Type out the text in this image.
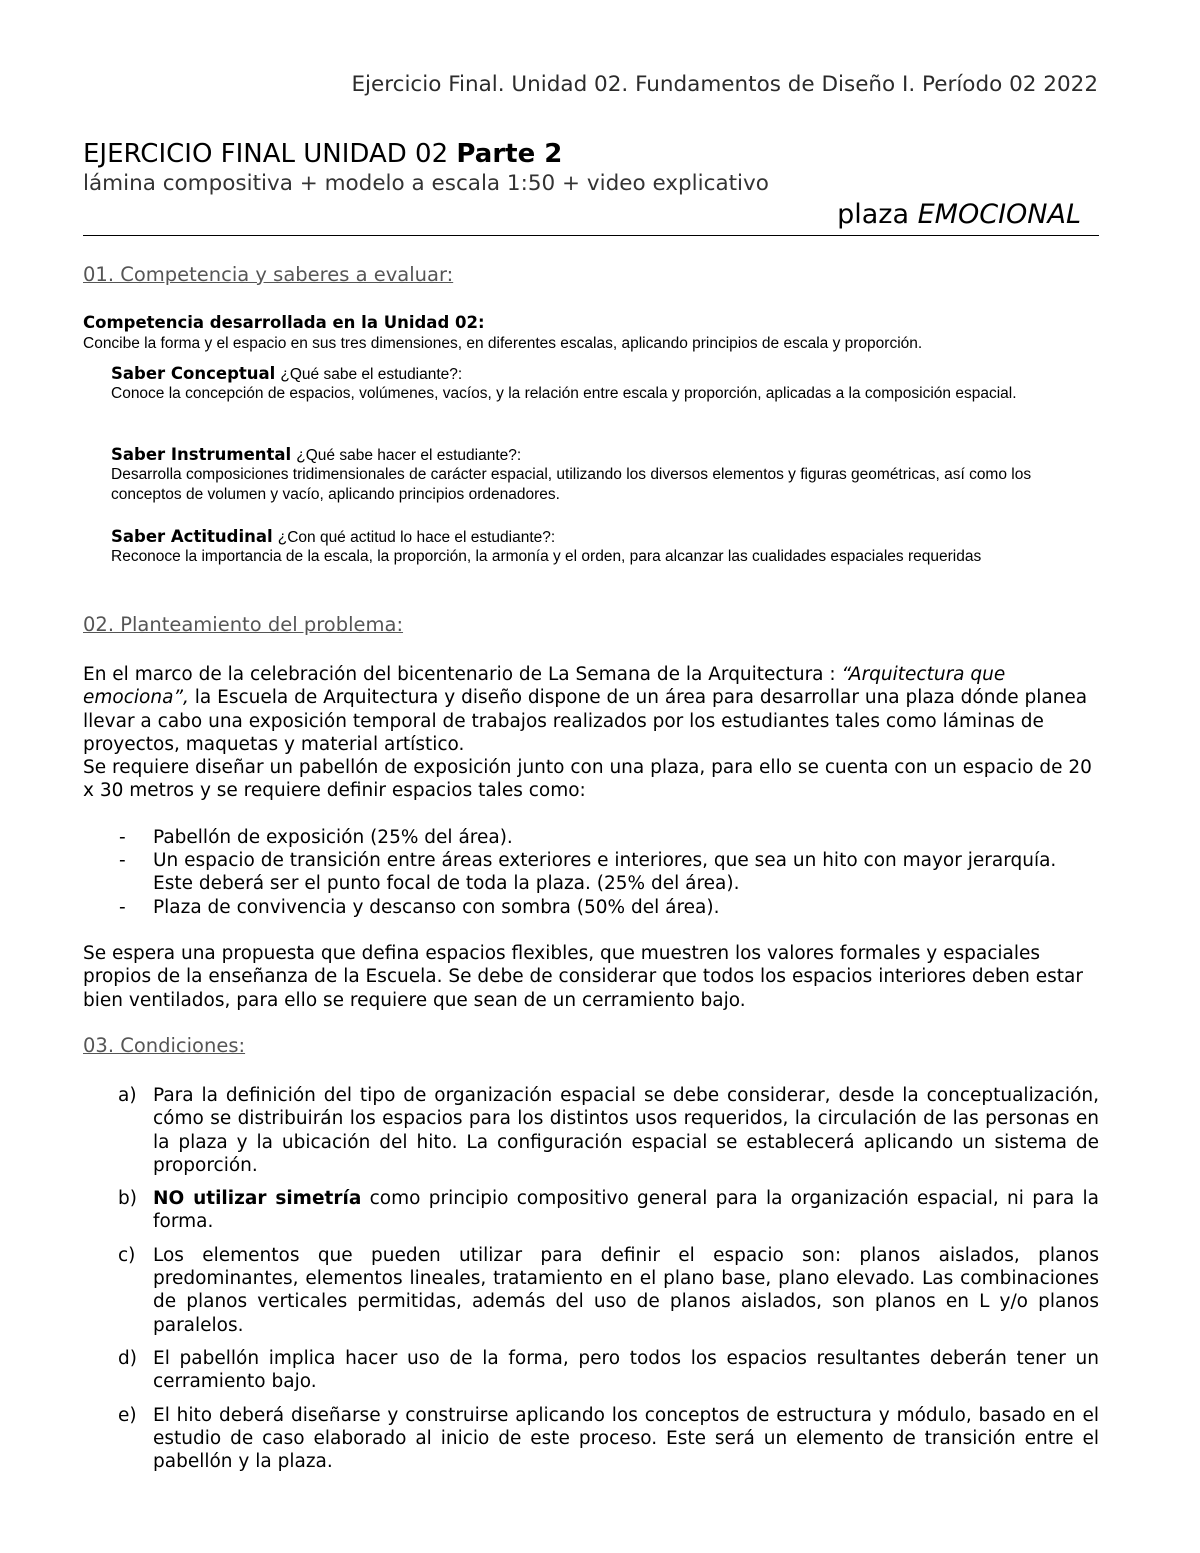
Ejercicio Final. Unidad 02. Fundamentos de Diseño I. Período 02 2022
EJERCICIO FINAL UNIDAD 02 Parte 2
lámina compositiva + modelo a escala 1:50 + video explicativo
plaza EMOCIONAL
01. Competencia y saberes a evaluar:
Competencia desarrollada en la Unidad 02:
Concibe la forma y el espacio en sus tres dimensiones, en diferentes escalas, aplicando principios de escala y proporción.
Saber Conceptual ¿Qué sabe el estudiante?:
Conoce la concepción de espacios, volúmenes, vacíos, y la relación entre escala y proporción, aplicadas a la composición espacial.
Saber Instrumental ¿Qué sabe hacer el estudiante?:
Desarrolla composiciones tridimensionales de carácter espacial, utilizando los diversos elementos y figuras geométricas, así como los conceptos de volumen y vacío, aplicando principios ordenadores.
Saber Actitudinal ¿Con qué actitud lo hace el estudiante?:
Reconoce la importancia de la escala, la proporción, la armonía y el orden, para alcanzar las cualidades espaciales requeridas
02. Planteamiento del problema:

En el marco de la celebración del bicentenario de La Semana de la Arquitectura : “Arquitectura que emociona”, la Escuela de Arquitectura y diseño dispone de un área para desarrollar una plaza dónde planea llevar a cabo una exposición temporal de trabajos realizados por los estudiantes tales como láminas de proyectos, maquetas y material artístico.

Se requiere diseñar un pabellón de exposición junto con una plaza, para ello se cuenta con un espacio de 20 x 30 metros y se requiere definir espacios tales como:

- Pabellón de exposición (25% del área).
- Un espacio de transición entre áreas exteriores e interiores, que sea un hito con mayor jerarquía. Este deberá ser el punto focal de toda la plaza. (25% del área).
- Plaza de convivencia y descanso con sombra (50% del área).

Se espera una propuesta que defina espacios flexibles, que muestren los valores formales y espaciales propios de la enseñanza de la Escuela. Se debe de considerar que todos los espacios interiores deben estar bien ventilados, para ello se requiere que sean de un cerramiento bajo.

03. Condiciones:
a) Para la definición del tipo de organización espacial se debe considerar, desde la conceptualización, cómo se distribuirán los espacios para los distintos usos requeridos, la circulación de las personas en la plaza y la ubicación del hito. La configuración espacial se establecerá aplicando un sistema de proporción.
b) NO utilizar simetría como principio compositivo general para la organización espacial, ni para la forma.
c) Los elementos que pueden utilizar para definir el espacio son: planos aislados, planos predominantes, elementos lineales, tratamiento en el plano base, plano elevado. Las combinaciones de planos verticales permitidas, además del uso de planos aislados, son planos en L y/o planos paralelos.
d) El pabellón implica hacer uso de la forma, pero todos los espacios resultantes deberán tener un cerramiento bajo.
e) El hito deberá diseñarse y construirse aplicando los conceptos de estructura y módulo, basado en el estudio de caso elaborado al inicio de este proceso. Este será un elemento de transición entre el pabellón y la plaza.
